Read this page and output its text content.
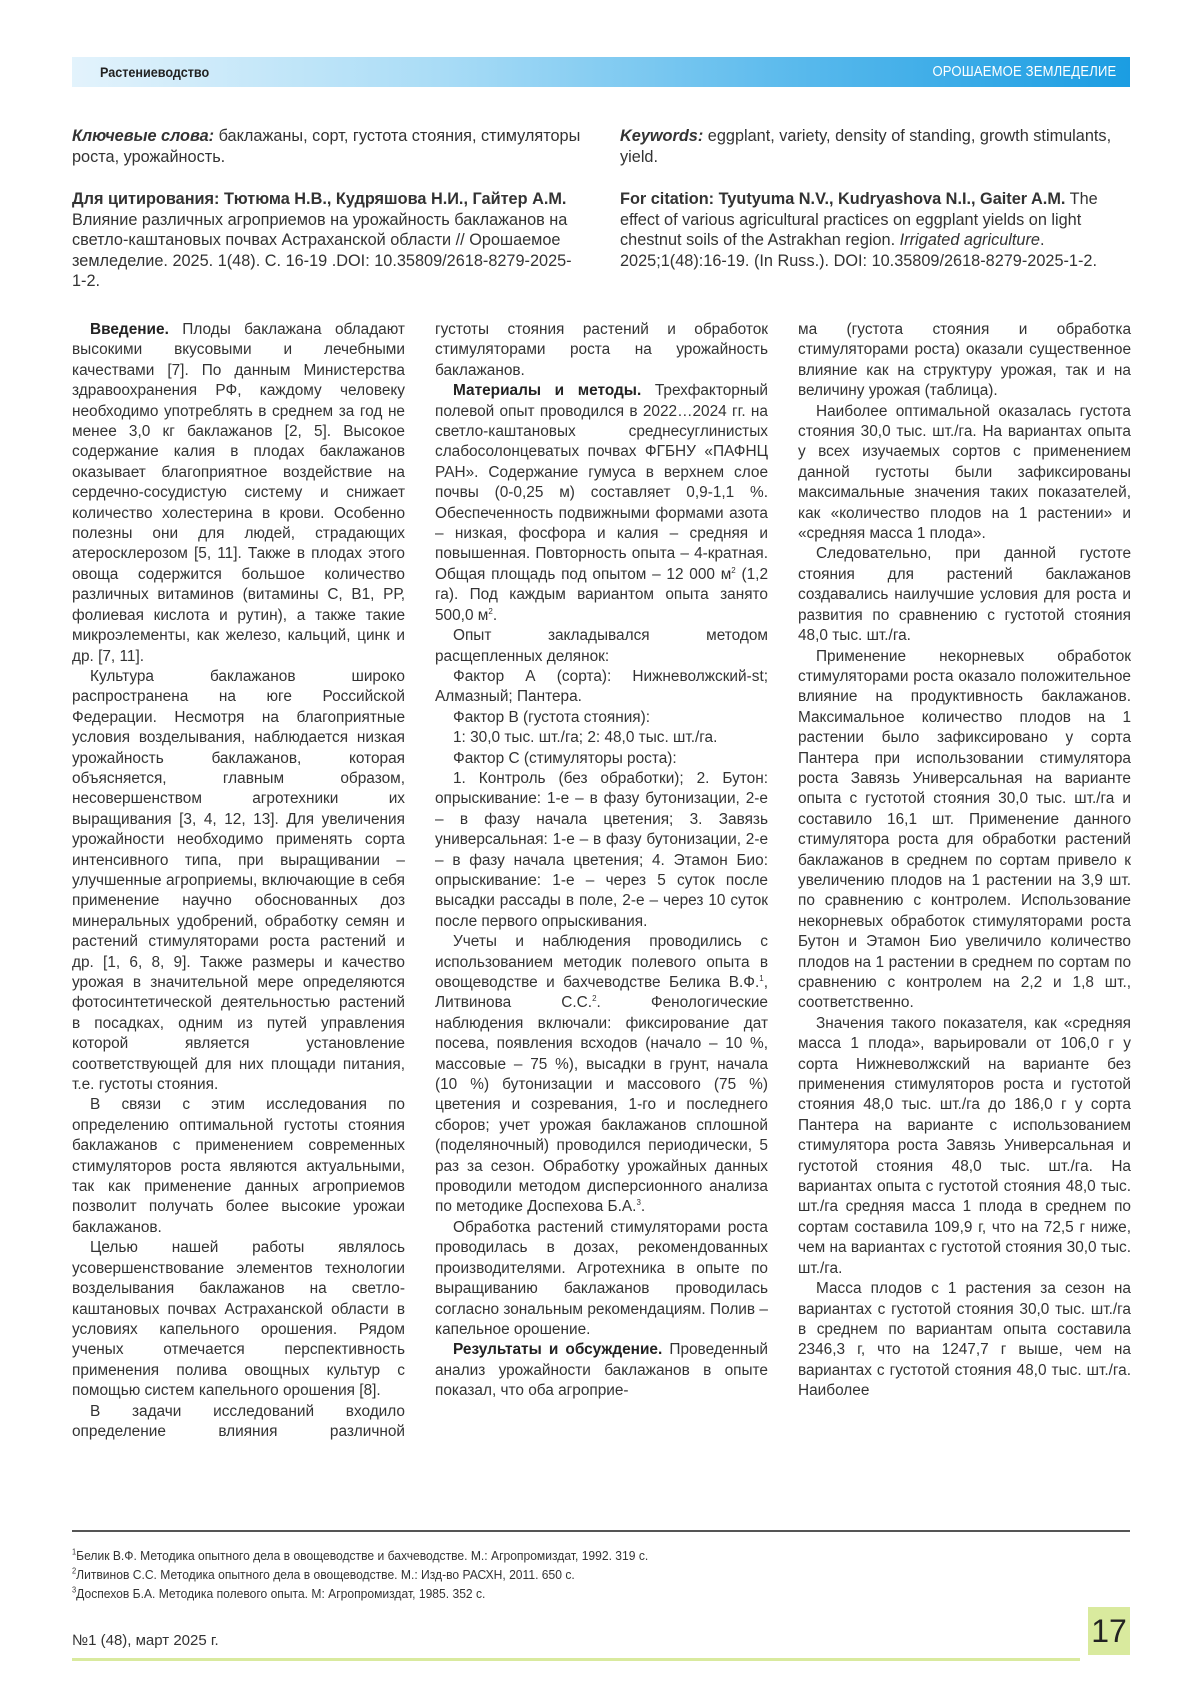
Растениеводство	ОРОШАЕМОЕ ЗЕМЛЕДЕЛИЕ

Ключевые слова: баклажаны, сорт, густота стояния, стимуляторы роста, урожайность.

Для цитирования: Тютюма Н.В., Кудряшова Н.И., Гайтер А.М. Влияние различных агроприемов на урожайность баклажанов на светло-каштановых почвах Астраханской области // Орошаемое земледелие. 2025. 1(48). С. 16-19 .DOI: 10.35809/2618-8279-2025-1-2.

Keywords: eggplant, variety, density of standing, growth stimulants, yield.

For citation: Tyutyuma N.V., Kudryashova N.I., Gaiter A.M. The effect of various agricultural practices on eggplant yields on light chestnut soils of the Astrakhan region. Irrigated agriculture. 2025;1(48):16-19. (In Russ.). DOI: 10.35809/2618-8279-2025-1-2.

Введение. Плоды баклажана обладают высокими вкусовыми и лечебными качествами [7]. По данным Министерства здравоохранения РФ, каждому человеку необходимо употреблять в среднем за год не менее 3,0 кг баклажанов [2, 5]. Высокое содержание калия в плодах баклажанов оказывает благоприятное воздействие на сердечно-сосудистую систему и снижает количество холестерина в крови. Особенно полезны они для людей, страдающих атеросклерозом [5, 11]. Также в плодах этого овоща содержится большое количество различных витаминов (витамины С, В1, РР, фолиевая кислота и рутин), а также такие микроэлементы, как железо, кальций, цинк и др. [7, 11].

Культура баклажанов широко распространена на юге Российской Федерации. Несмотря на благоприятные условия возделывания, наблюдается низкая урожайность баклажанов, которая объясняется, главным образом, несовершенством агротехники их выращивания [3, 4, 12, 13]. Для увеличения урожайности необходимо применять сорта интенсивного типа, при выращивании – улучшенные агроприемы, включающие в себя применение научно обоснованных доз минеральных удобрений, обработку семян и растений стимуляторами роста растений и др. [1, 6, 8, 9]. Также размеры и качество урожая в значительной мере определяются фотосинтетической деятельностью растений в посадках, одним из путей управления которой является установление соответствующей для них площади питания, т.е. густоты стояния.

В связи с этим исследования по определению оптимальной густоты стояния баклажанов с применением современных стимуляторов роста являются актуальными, так как применение данных агроприемов позволит получать более высокие урожаи баклажанов.

Целью нашей работы являлось усовершенствование элементов технологии возделывания баклажанов на светло-каштановых почвах Астраханской области в условиях капельного орошения. Рядом ученых отмечается перспективность применения полива овощных культур с помощью систем капельного орошения [8].

В задачи исследований входило определение влияния различной

густоты стояния растений и обработок стимуляторами роста на урожайность баклажанов.

Материалы и методы. Трехфакторный полевой опыт проводился в 2022…2024 гг. на светло-каштановых среднесуглинистых слабосолонцеватых почвах ФГБНУ «ПАФНЦ РАН». Содержание гумуса в верхнем слое почвы (0-0,25 м) составляет 0,9-1,1 %. Обеспеченность подвижными формами азота – низкая, фосфора и калия – средняя и повышенная. Повторность опыта – 4-кратная. Общая площадь под опытом – 12 000 м2 (1,2 га). Под каждым вариантом опыта занято 500,0 м2.

Опыт закладывался методом расщепленных делянок:

Фактор А (сорта): Нижневолжский-st; Алмазный; Пантера.

Фактор В (густота стояния):

1: 30,0 тыс. шт./га; 2: 48,0 тыс. шт./га.

Фактор С (стимуляторы роста):

1. Контроль (без обработки); 2. Бутон: опрыскивание: 1-е – в фазу бутонизации, 2-е – в фазу начала цветения; 3. Завязь универсальная: 1-е – в фазу бутонизации, 2-е – в фазу начала цветения; 4. Этамон Био: опрыскивание: 1-е – через 5 суток после высадки рассады в поле, 2-е – через 10 суток после первого опрыскивания.

Учеты и наблюдения проводились с использованием методик полевого опыта в овощеводстве и бахчеводстве Белика В.Ф.1, Литвинова С.С.2. Фенологические наблюдения включали: фиксирование дат посева, появления всходов (начало – 10 %, массовые – 75 %), высадки в грунт, начала (10 %) бутонизации и массового (75 %) цветения и созревания, 1-го и последнего сборов; учет урожая баклажанов сплошной (поделяночный) проводился периодически, 5 раз за сезон. Обработку урожайных данных проводили методом дисперсионного анализа по методике Доспехова Б.А.3.

Обработка растений стимуляторами роста проводилась в дозах, рекомендованных производителями. Агротехника в опыте по выращиванию баклажанов проводилась согласно зональным рекомендациям. Полив – капельное орошение.

Результаты и обсуждение. Проведенный анализ урожайности баклажанов в опыте показал, что оба агроприе-

ма (густота стояния и обработка стимуляторами роста) оказали существенное влияние как на структуру урожая, так и на величину урожая (таблица).

Наиболее оптимальной оказалась густота стояния 30,0 тыс. шт./га. На вариантах опыта у всех изучаемых сортов с применением данной густоты были зафиксированы максимальные значения таких показателей, как «количество плодов на 1 растении» и «средняя масса 1 плода».

Следовательно, при данной густоте стояния для растений баклажанов создавались наилучшие условия для роста и развития по сравнению с густотой стояния 48,0 тыс. шт./га.

Применение некорневых обработок стимуляторами роста оказало положительное влияние на продуктивность баклажанов. Максимальное количество плодов на 1 растении было зафиксировано у сорта Пантера при использовании стимулятора роста Завязь Универсальная на варианте опыта с густотой стояния 30,0 тыс. шт./га и составило 16,1 шт. Применение данного стимулятора роста для обработки растений баклажанов в среднем по сортам привело к увеличению плодов на 1 растении на 3,9 шт. по сравнению с контролем. Использование некорневых обработок стимуляторами роста Бутон и Этамон Био увеличило количество плодов на 1 растении в среднем по сортам по сравнению с контролем на 2,2 и 1,8 шт., соответственно.

Значения такого показателя, как «средняя масса 1 плода», варьировали от 106,0 г у сорта Нижневолжский на варианте без применения стимуляторов роста и густотой стояния 48,0 тыс. шт./га до 186,0 г у сорта Пантера на варианте с использованием стимулятора роста Завязь Универсальная и густотой стояния 48,0 тыс. шт./га. На вариантах опыта с густотой стояния 48,0 тыс. шт./га средняя масса 1 плода в среднем по сортам составила 109,9 г, что на 72,5 г ниже, чем на вариантах с густотой стояния 30,0 тыс. шт./га.

Масса плодов с 1 растения за сезон на вариантах с густотой стояния 30,0 тыс. шт./га в среднем по вариантам опыта составила 2346,3 г, что на 1247,7 г выше, чем на вариантах с густотой стояния 48,0 тыс. шт./га. Наиболее

1Белик В.Ф. Методика опытного дела в овощеводстве и бахчеводстве. М.: Агропромиздат, 1992. 319 с.
2Литвинов С.С. Методика опытного дела в овощеводстве. М.: Изд-во РАСХН, 2011. 650 с.
3Доспехов Б.А. Методика полевого опыта. М: Агропромиздат, 1985. 352 с.
№1 (48), март 2025 г.	17
